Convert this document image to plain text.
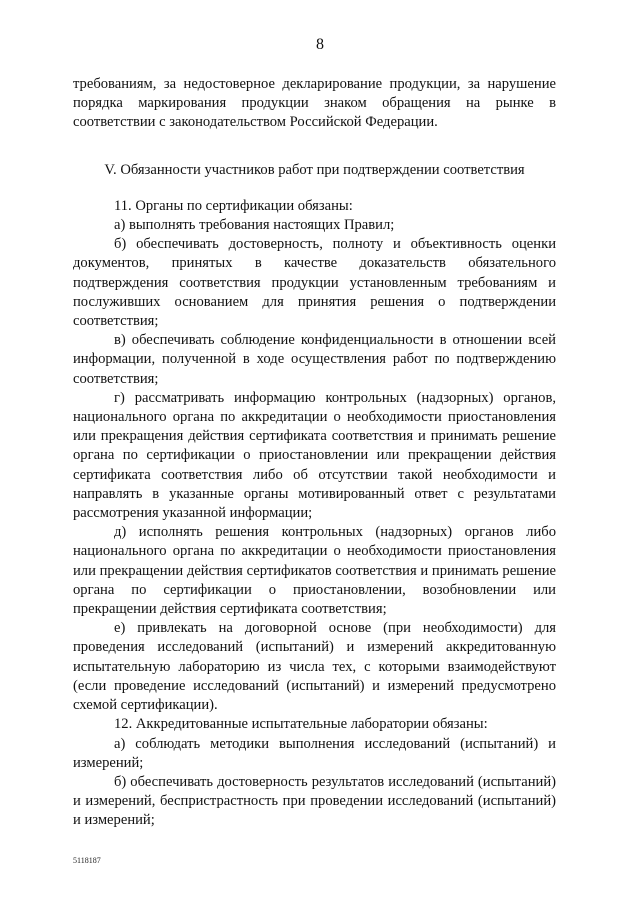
8

требованиям, за недостоверное декларирование продукции, за нарушение порядка маркирования продукции знаком обращения на рынке в соответствии с законодательством Российской Федерации.

V. Обязанности участников работ при подтверждении соответствия

11. Органы по сертификации обязаны:

а) выполнять требования настоящих Правил;

б) обеспечивать достоверность, полноту и объективность оценки документов, принятых в качестве доказательств обязательного подтверждения соответствия продукции установленным требованиям и послуживших основанием для принятия решения о подтверждении соответствия;

в) обеспечивать соблюдение конфиденциальности в отношении всей информации, полученной в ходе осуществления работ по подтверждению соответствия;

г) рассматривать информацию контрольных (надзорных) органов, национального органа по аккредитации о необходимости приостановления или прекращения действия сертификата соответствия и принимать решение органа по сертификации о приостановлении или прекращении действия сертификата соответствия либо об отсутствии такой необходимости и направлять в указанные органы мотивированный ответ с результатами рассмотрения указанной информации;

д) исполнять решения контрольных (надзорных) органов либо национального органа по аккредитации о необходимости приостановления или прекращении действия сертификатов соответствия и принимать решение органа по сертификации о приостановлении, возобновлении или прекращении действия сертификата соответствия;

е) привлекать на договорной основе (при необходимости) для проведения исследований (испытаний) и измерений аккредитованную испытательную лабораторию из числа тех, с которыми взаимодействуют (если проведение исследований (испытаний) и измерений предусмотрено схемой сертификации).

12. Аккредитованные испытательные лаборатории обязаны:

а) соблюдать методики выполнения исследований (испытаний) и измерений;

б) обеспечивать достоверность результатов исследований (испытаний) и измерений, беспристрастность при проведении исследований (испытаний) и измерений;

5118187
